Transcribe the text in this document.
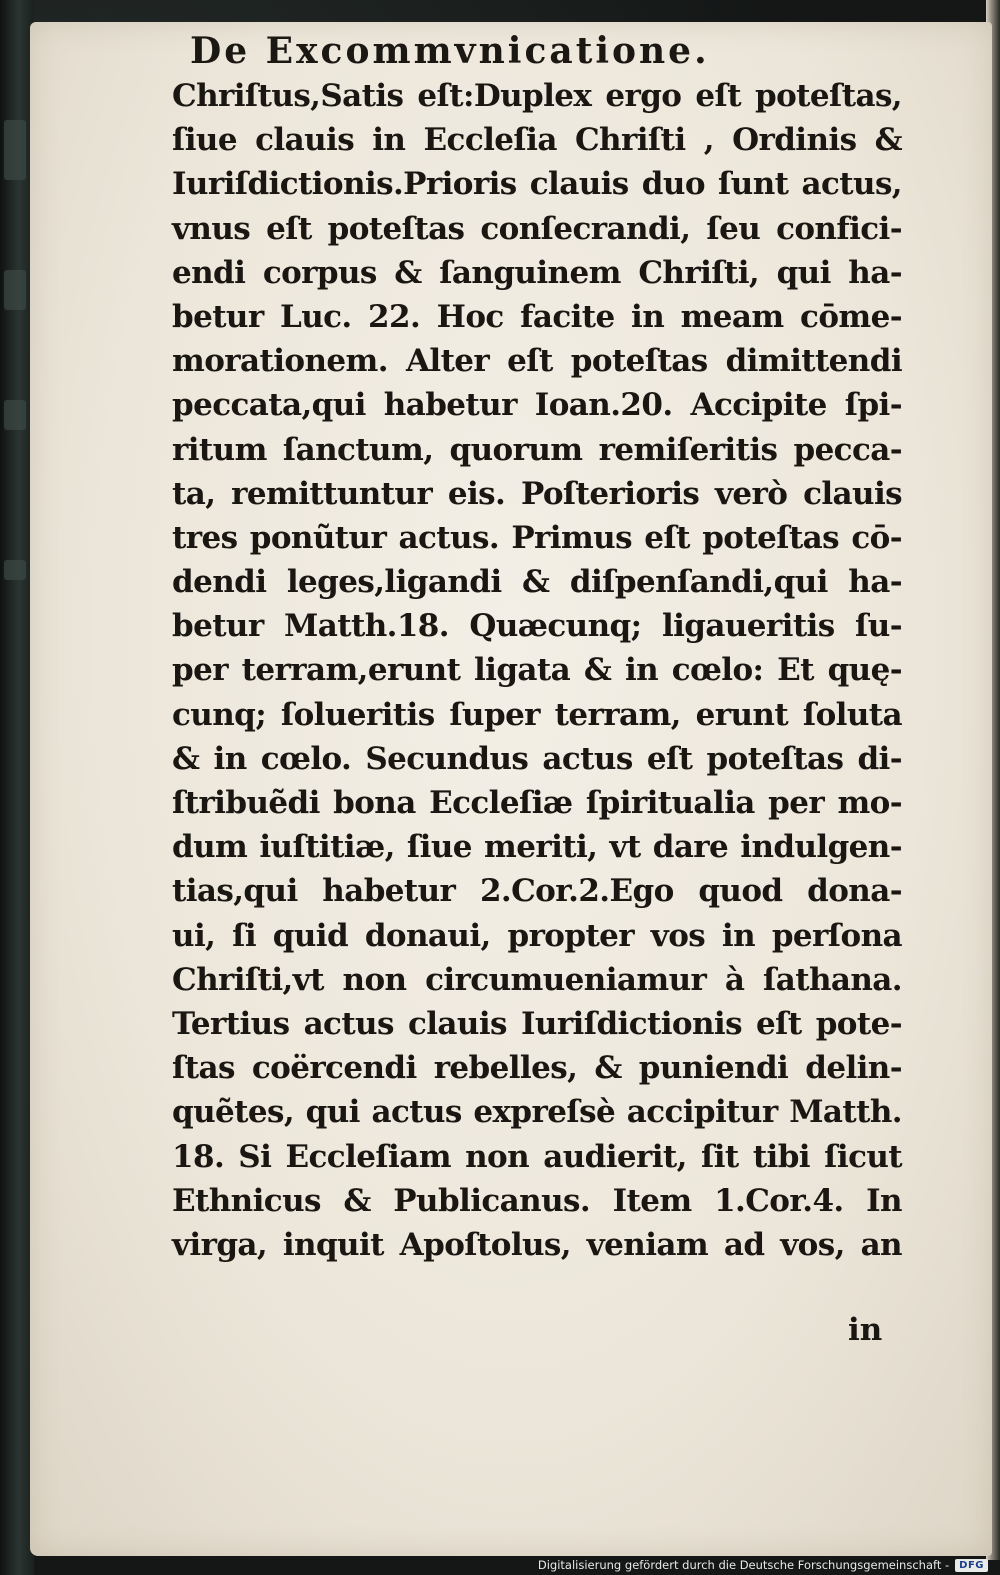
De Excommvnicatione.
Chriſtus,Satis eſt:Duplex ergo eſt poteſtas,
ſiue clauis in Eccleſia Chriſti , Ordinis &
Iuriſdictionis.Prioris clauis duo ſunt actus,
vnus eſt poteſtas conſecrandi, ſeu confici-
endi corpus & ſanguinem Chriſti, qui ha-
betur Luc. 22. Hoc facite in meam cōme-
morationem. Alter eſt poteſtas dimittendi
peccata,qui habetur Ioan.20. Accipite ſpi-
ritum ſanctum, quorum remiſeritis pecca-
ta, remittuntur eis. Poſterioris verò clauis
tres ponũtur actus. Primus eſt poteſtas cō-
dendi leges,ligandi & diſpenſandi,qui ha-
betur Matth.18. Quæcunq; ligaueritis ſu-
per terram,erunt ligata & in cœlo: Et quę-
cunq; ſolueritis ſuper terram, erunt ſoluta
& in cœlo. Secundus actus eſt poteſtas di-
ſtribuẽdi bona Eccleſiæ ſpiritualia per mo-
dum iuſtitiæ, ſiue meriti, vt dare indulgen-
tias,qui habetur 2.Cor.2.Ego quod dona-
ui, ſi quid donaui, propter vos in perſona
Chriſti,vt non circumueniamur à ſathana.
Tertius actus clauis Iuriſdictionis eſt pote-
ſtas coërcendi rebelles, & puniendi delin-
quẽtes, qui actus expreſsè accipitur Matth.
18. Si Eccleſiam non audierit, ſit tibi ſicut
Ethnicus & Publicanus. Item 1.Cor.4. In
virga, inquit Apoſtolus, veniam ad vos, an
in
Digitalisierung gefördert durch die Deutsche Forschungsgemeinschaft -	DFG
